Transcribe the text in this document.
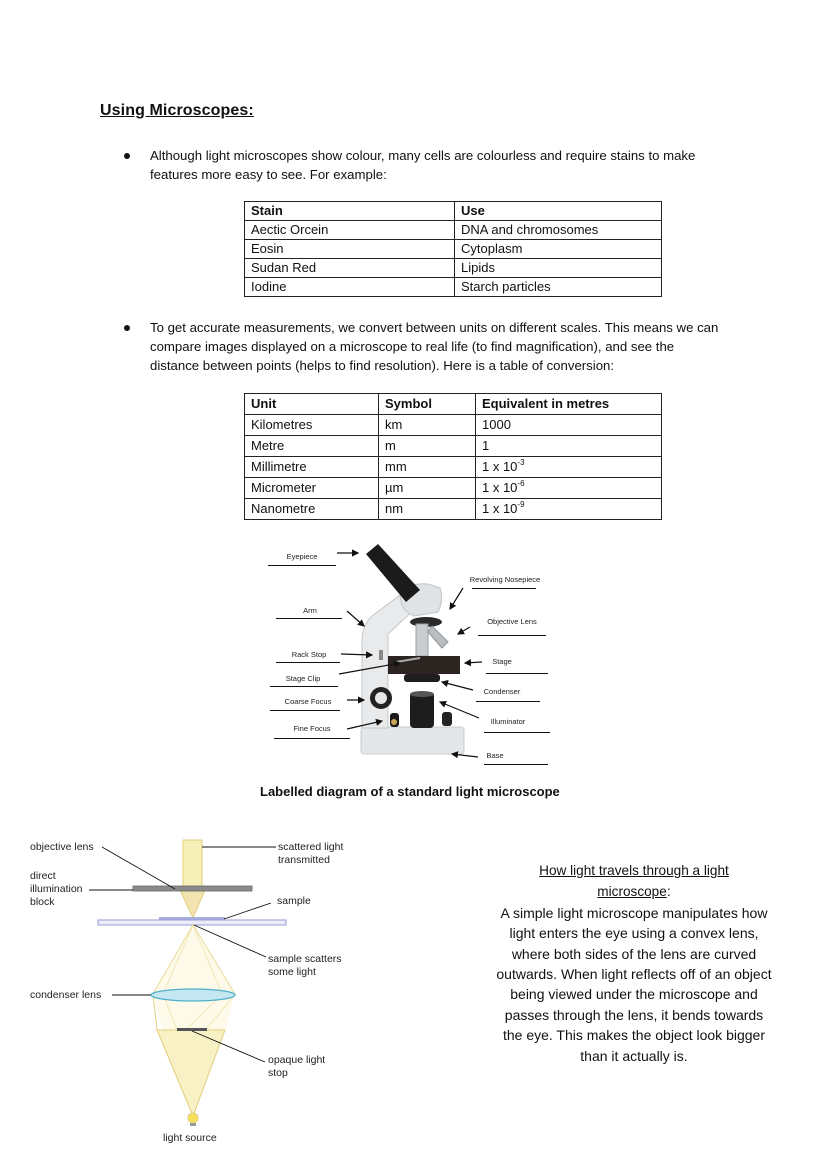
Using Microscopes:
Although light microscopes show colour, many cells are colourless and require stains to make features more easy to see. For example:
Stain	Use
Aectic Orcein	DNA and chromosomes
Eosin	Cytoplasm
Sudan Red	Lipids
Iodine	Starch particles
To get accurate measurements, we convert between units on different scales. This means we can compare images displayed on a microscope to real life (to find magnification), and see the distance between points (helps to find resolution). Here is a table of conversion:
Unit	Symbol	Equivalent in metres
Kilometres	km	1000
Metre	m	1
Millimetre	mm	1 x $10^{-3}$
Micrometer	µm	1 x $10^{-6}$
Nanometre	nm	1 x $10^{-9}$
Eyepiece
Arm
Rack Stop
Stage Clip
Coarse Focus
Fine Focus
Revolving Nosepiece
Objective Lens
Stage
Condenser
Illuminator
Base
Labelled diagram of a standard light microscope
objective lens
direct
illumination
block
condenser lens
scattered light
transmitted
sample
sample scatters
some light
opaque light
stop
light source
How light travels through a light
microscope:
A simple light microscope manipulates how light enters the eye using a convex lens, where both sides of the lens are curved outwards. When light reflects off of an object being viewed under the microscope and passes through the lens, it bends towards the eye. This makes the object look bigger than it actually is.
